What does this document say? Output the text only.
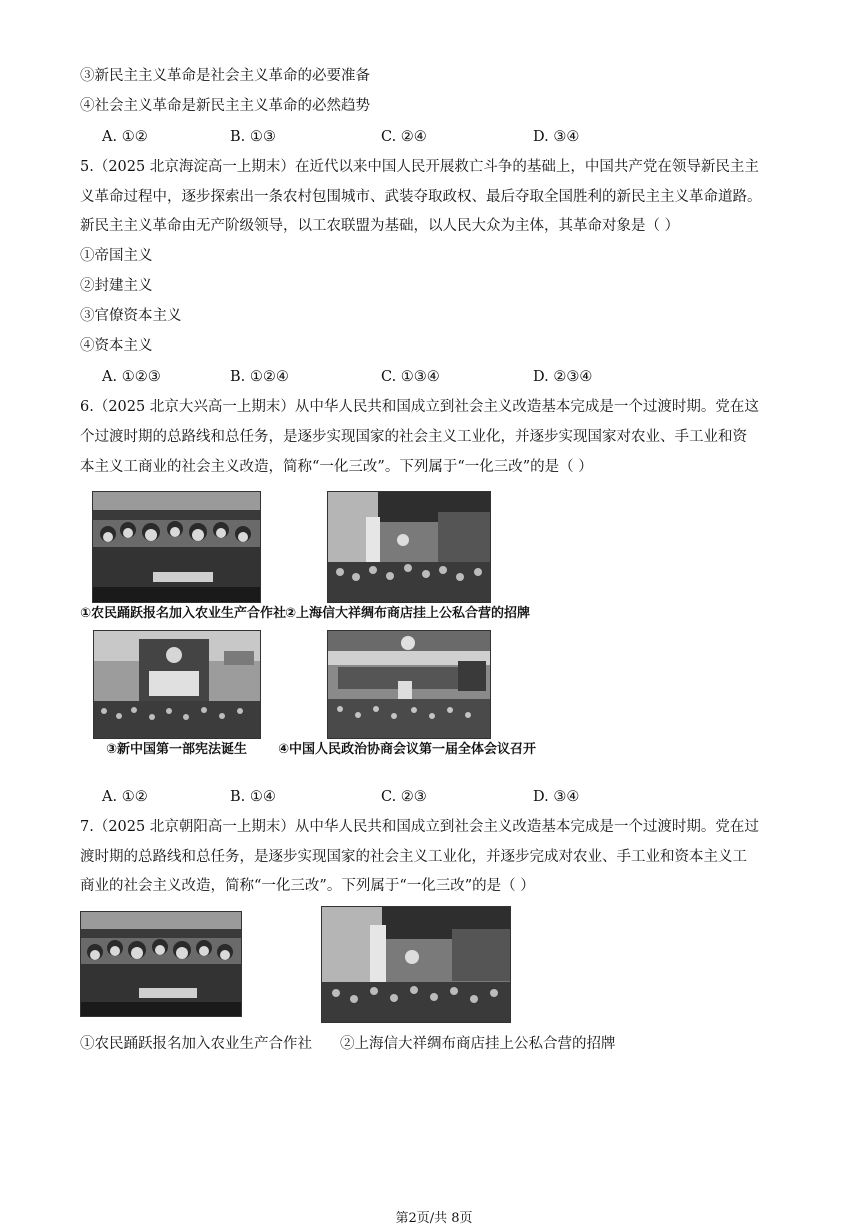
③新民主主义革命是社会主义革命的必要准备
④社会主义革命是新民主主义革命的必然趋势
A. ①②	B. ①③	C. ②④	D. ③④
5.（2025 北京海淀高一上期末）在近代以来中国人民开展救亡斗争的基础上，中国共产党在领导新民主主
义革命过程中，逐步探索出一条农村包围城市、武装夺取政权、最后夺取全国胜利的新民主主义革命道路。
新民主主义革命由无产阶级领导，以工农联盟为基础，以人民大众为主体，其革命对象是（ ）
①帝国主义
②封建主义
③官僚资本主义
④资本主义
A. ①②③	B. ①②④	C. ①③④	D. ②③④
6.（2025 北京大兴高一上期末）从中华人民共和国成立到社会主义改造基本完成是一个过渡时期。党在这
个过渡时期的总路线和总任务，是逐步实现国家的社会主义工业化，并逐步实现国家对农业、手工业和资
本主义工商业的社会主义改造，简称“一化三改”。下列属于“一化三改”的是（ ）
①农民踊跃报名加入农业生产合作社
②上海信大祥绸布商店挂上公私合营的招牌
③新中国第一部宪法诞生 ④中国人民政治协商会议第一届全体会议召开
A. ①②	B. ①④	C. ②③	D. ③④
7.（2025 北京朝阳高一上期末）从中华人民共和国成立到社会主义改造基本完成是一个过渡时期。党在过
渡时期的总路线和总任务，是逐步实现国家的社会主义工业化，并逐步完成对农业、手工业和资本主义工
商业的社会主义改造，简称“一化三改”。下列属于“一化三改”的是（ ）
①农民踊跃报名加入农业生产合作社 ②上海信大祥绸布商店挂上公私合营的招牌
第2页/共 8页
